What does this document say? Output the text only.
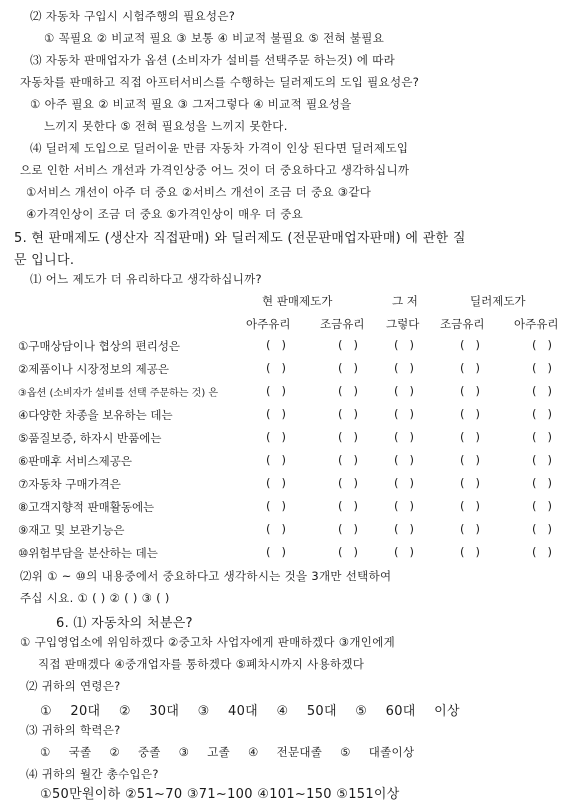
⑵ 자동차 구입시 시험주행의 필요성은?
① 꼭필요 ② 비교적 필요 ③ 보통 ④ 비교적 불필요 ⑤ 전혀 불필요
⑶ 자동차 판매업자가 옵션 (소비자가 설비를 선택주문 하는것) 에 따라
자동차를 판매하고 직접 아프터서비스를 수행하는 딜러제도의 도입 필요성은?
① 아주 필요 ② 비교적 필요 ③ 그저그렇다 ④ 비교적 필요성을
느끼지 못한다 ⑤ 전혀 필요성을 느끼지 못한다.
⑷ 딜러제 도입으로 딜러이윤 만큼 자동차 가격이 인상 된다면 딜러제도입
으로 인한 서비스 개선과 가격인상중 어느 것이 더 중요하다고 생각하십니까
①서비스 개선이 아주 더 중요 ②서비스 개선이 조금 더 중요 ③같다
④가격인상이 조금 더 중요 ⑤가격인상이 매우 더 중요
5. 현 판매제도 (생산자 직접판매) 와 딜러제도 (전문판매업자판매) 에 관한 질
문 입니다.
⑴ 어느 제도가 더 유리하다고 생각하십니까?
현 판매제도가	그 저	딜러제도가
아주유리	조금유리 그렇다 조금유리	아주유리
①구매상담이나 협상의 편리성은	(   )	(   )	(   )	(   )	(   )
②제품이나 시장정보의 제공은	(   )	(   )	(   )	(   )	(   )
③옵션 (소비자가 설비를 선택 주문하는 것) 은	(   )	(   )	(   )	(   )	(   )
④다양한 차종을 보유하는 데는	(   )	(   )	(   )	(   )	(   )
⑤품질보증, 하자시 반품에는	(   )	(   )	(   )	(   )	(   )
⑥판매후 서비스제공은	(   )	(   )	(   )	(   )	(   )
⑦자동차 구매가격은	(   )	(   )	(   )	(   )	(   )
⑧고객지향적 판매활동에는	(   )	(   )	(   )	(   )	(   )
⑨재고 및 보관기능은	(   )	(   )	(   )	(   )	(   )
⑩위험부담을 분산하는 데는	(   )	(   )	(   )	(   )	(   )
⑵위 ① ~ ⑩의 내용중에서 중요하다고 생각하시는 것을 3개만 선택하여
주십 시요. ① ( ) ② ( ) ③ ( )
6. ⑴ 자동차의 처분은?
① 구입영업소에 위임하겠다 ②중고차 사업자에게 판매하겠다 ③개인에게
직접 판매겠다 ④중개업자를 통하겠다 ⑤폐차시까지 사용하겠다
⑵ 귀하의 연령은?
① 20대 ② 30대 ③ 40대 ④ 50대 ⑤ 60대 이상
⑶ 귀하의 학력은?
① 국졸 ② 중졸 ③ 고졸 ④ 전문대졸 ⑤ 대졸이상
⑷ 귀하의 월간 총수입은?
①50만원이하 ②51~70 ③71~100 ④101~150 ⑤151이상
